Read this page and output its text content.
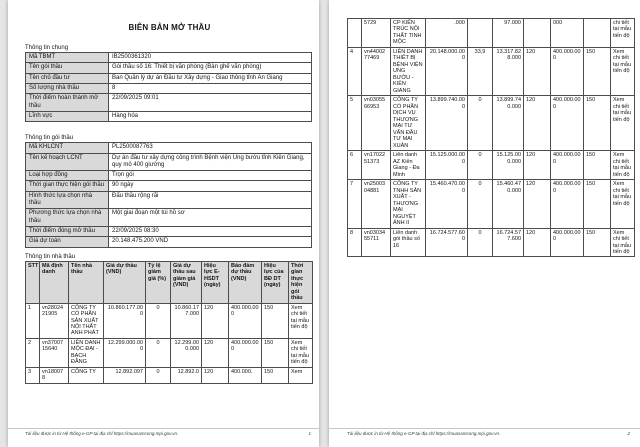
BIÊN BẢN MỞ THẦU
Thông tin chung
Mã TBMT	IB2500361320
Tên gói thầu	Gói thầu số 16: Thiết bị văn phòng (Bàn ghế văn phòng)
Tên chủ đầu tư	Ban Quản lý dự án Đầu tư Xây dựng - Giao thông tỉnh An Giang
Số lượng nhà thầu	8
Thời điểm hoàn thành mở thầu	22/09/2025 09:01
Lĩnh vực	Hàng hóa
Thông tin gói thầu
Mã KHLCNT	PL2500087763
Tên kế hoạch LCNT	Dự án đầu tư xây dựng công trình Bệnh viện Ung bướu tỉnh Kiên Giang, quy mô 400 giường
Loại hợp đồng	Trọn gói
Thời gian thực hiện gói thầu	90 ngày
Hình thức lựa chọn nhà thầu	Đấu thầu rộng rãi
Phương thức lựa chọn nhà thầu	Một giai đoạn một túi hồ sơ
Thời điểm đóng mở thầu	22/09/2025 08:30
Giá dự toán	20.148.475.200 VND
Thông tin nhà thầu
STT	Mã định danh	Tên nhà thầu	Giá dự thầu (VND)	Tỷ lệ giảm giá (%)	Giá dự thầu sau giảm giá (VND)	Hiệu lực E-HSDT (ngày)	Bảo đảm dự thầu (VND)	Hiệu lực của BĐ DT (ngày)	Thời gian thực hiện gói thầu
1	vn2802421905	CÔNG TY CỔ PHẦN SẢN XUẤT NỘI THẤT ANH PHÁT	10.860.177.000	0	10.860.177.000	120	400.000.000	150	Xem chi tiết tại mẫu tiến độ
2	vn3700715640	LIÊN DANH MỘC ĐẠI - BẠCH ĐẰNG	12.299.000.000	0	12.299.000.000	120	400.000.000	150	Xem chi tiết tại mẫu tiến độ
3	vn180078	CÔNG TY	12.892.097	0	12.892.0	120	400.000.	150	Xem
Tài liệu được in từ Hệ thống e-GP tại địa chỉ https://muasamcong.mpi.gov.vn.	1
	5729	CP KIẾN TRÚC NỘI THẤT TINH MỘC	.000		97.000		000		chi tiết tại mẫu tiến độ
4	vn4400277469	LIÊN DANH THIẾT BỊ BỆNH VIỆN UNG BƯỚU - KIÊN GIANG	20.148.000.000	33,9	13.317.828.000	120	400.000.000	150	Xem chi tiết tại mẫu tiến độ
5	vn0305566953	CÔNG TY CỔ PHẦN DỊCH VỤ THƯƠNG MẠI TƯ VẤN ĐẦU TƯ MAI XUÂN	13.899.740.000	0	13.899.740.000	120	400.000.000	150	Xem chi tiết tại mẫu tiến độ
6	vn1702251373	Liên danh AZ Kiên Giang - Đa Minh	15.125.000.000	0	15.125.000.000	120	400.000.000	150	Xem chi tiết tại mẫu tiến độ
7	vn2500304881	CÔNG TY TNHH SẢN XUẤT - THƯƠNG MẠI NGUYỆT ÁNH II	15.460.470.000	0	15.460.470.000	120	400.000.000	150	Xem chi tiết tại mẫu tiến độ
8	vn0303455711	Liên danh gói thầu số 16	16.724.577.600	0	16.724.577.600	120	400.000.000	150	Xem chi tiết tại mẫu tiến độ
Tài liệu được in từ Hệ thống e-GP tại địa chỉ https://muasamcong.mpi.gov.vn.	2
